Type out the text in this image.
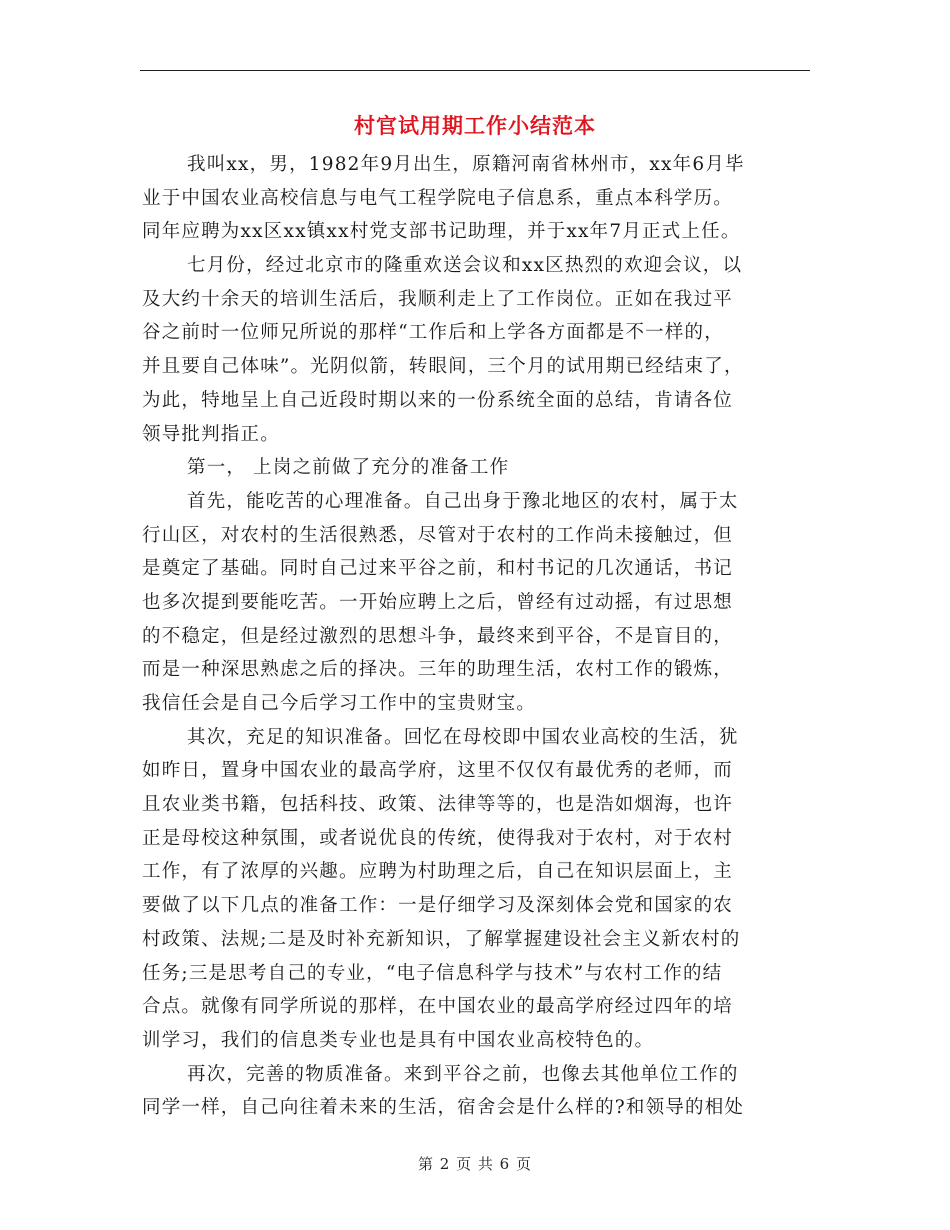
村官试用期工作小结范本
我叫xx，男，1982年9月出生，原籍河南省林州市，xx年6月毕
业于中国农业高校信息与电气工程学院电子信息系，重点本科学历。
同年应聘为xx区xx镇xx村党支部书记助理，并于xx年7月正式上任。
七月份，经过北京市的隆重欢送会议和xx区热烈的欢迎会议，以
及大约十余天的培训生活后，我顺利走上了工作岗位。正如在我过平
谷之前时一位师兄所说的那样“工作后和上学各方面都是不一样的，
并且要自己体味”。光阴似箭，转眼间，三个月的试用期已经结束了，
为此，特地呈上自己近段时期以来的一份系统全面的总结，肯请各位
领导批判指正。
第一， 上岗之前做了充分的准备工作
首先，能吃苦的心理准备。自己出身于豫北地区的农村，属于太
行山区，对农村的生活很熟悉，尽管对于农村的工作尚未接触过，但
是奠定了基础。同时自己过来平谷之前，和村书记的几次通话，书记
也多次提到要能吃苦。一开始应聘上之后，曾经有过动摇，有过思想
的不稳定，但是经过激烈的思想斗争，最终来到平谷，不是盲目的，
而是一种深思熟虑之后的择决。三年的助理生活，农村工作的锻炼，
我信任会是自己今后学习工作中的宝贵财宝。
其次，充足的知识准备。回忆在母校即中国农业高校的生活，犹
如昨日，置身中国农业的最高学府，这里不仅仅有最优秀的老师，而
且农业类书籍，包括科技、政策、法律等等的，也是浩如烟海，也许
正是母校这种氛围，或者说优良的传统，使得我对于农村，对于农村
工作，有了浓厚的兴趣。应聘为村助理之后，自己在知识层面上，主
要做了以下几点的准备工作：一是仔细学习及深刻体会党和国家的农
村政策、法规;二是及时补充新知识，了解掌握建设社会主义新农村的
任务;三是思考自己的专业，“电子信息科学与技术”与农村工作的结
合点。就像有同学所说的那样，在中国农业的最高学府经过四年的培
训学习，我们的信息类专业也是具有中国农业高校特色的。
再次，完善的物质准备。来到平谷之前，也像去其他单位工作的
同学一样，自己向往着未来的生活，宿舍会是什么样的?和领导的相处
第 2 页 共 6 页
